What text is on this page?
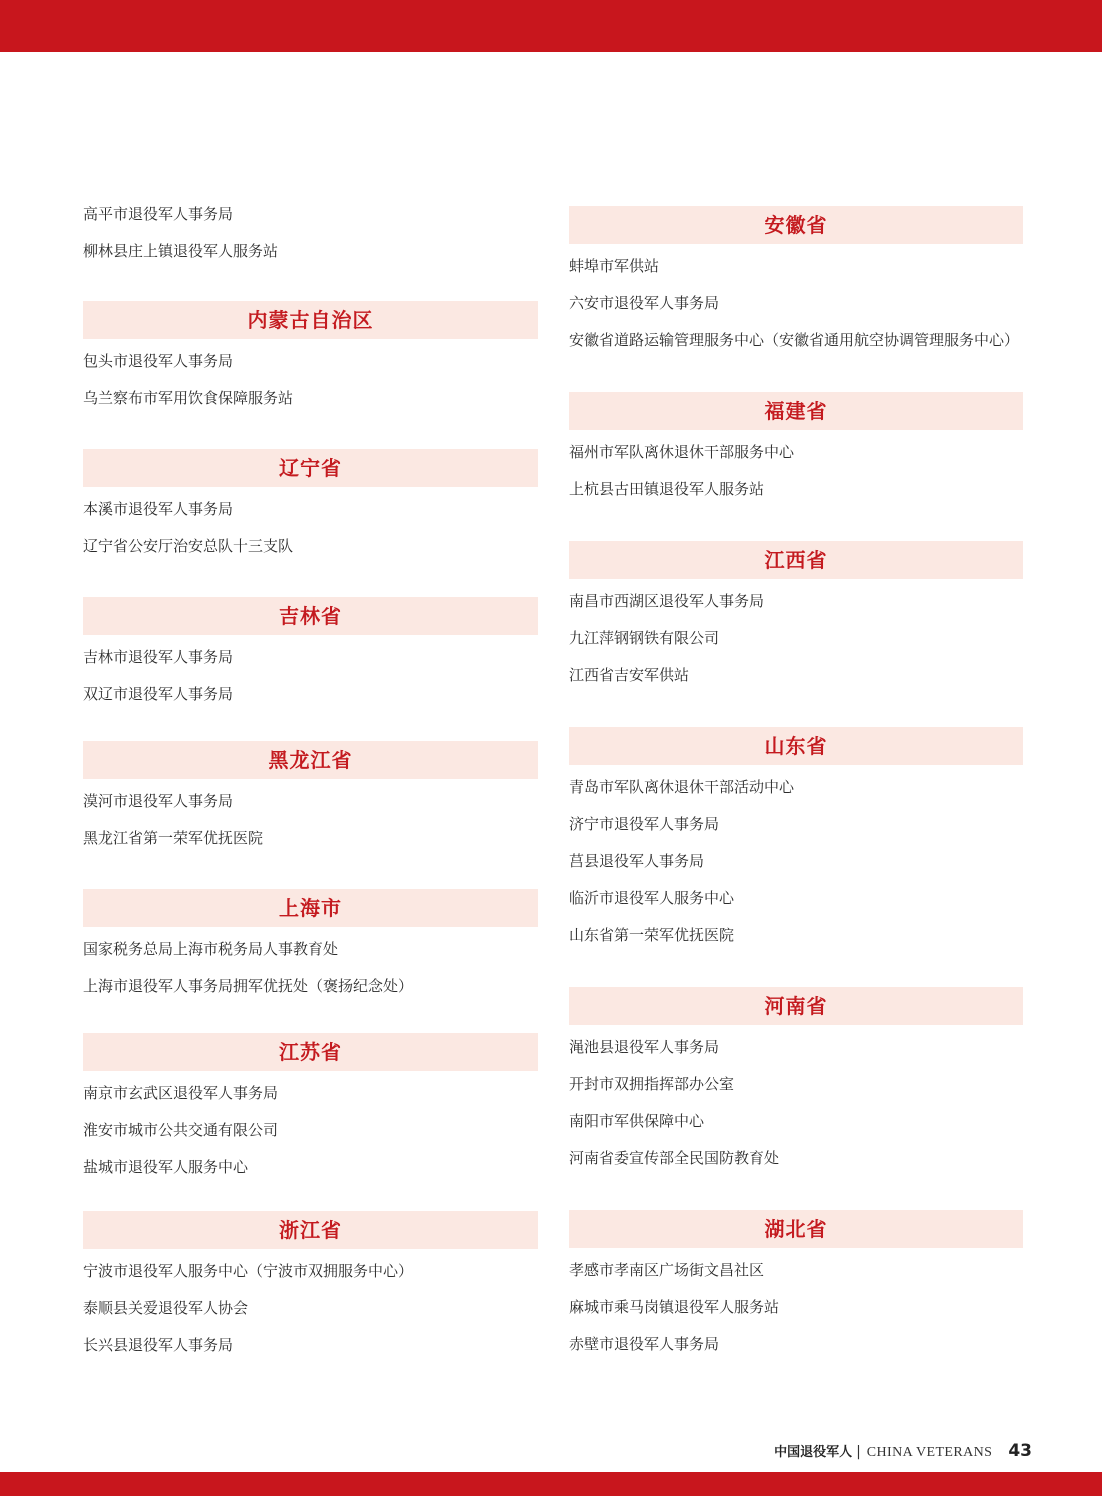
高平市退役军人事务局
柳林县庄上镇退役军人服务站
内蒙古自治区
包头市退役军人事务局
乌兰察布市军用饮食保障服务站
辽宁省
本溪市退役军人事务局
辽宁省公安厅治安总队十三支队
吉林省
吉林市退役军人事务局
双辽市退役军人事务局
黑龙江省
漠河市退役军人事务局
黑龙江省第一荣军优抚医院
上海市
国家税务总局上海市税务局人事教育处
上海市退役军人事务局拥军优抚处（褒扬纪念处）
江苏省
南京市玄武区退役军人事务局
淮安市城市公共交通有限公司
盐城市退役军人服务中心
浙江省
宁波市退役军人服务中心（宁波市双拥服务中心）
泰顺县关爱退役军人协会
长兴县退役军人事务局
安徽省
蚌埠市军供站
六安市退役军人事务局
安徽省道路运输管理服务中心（安徽省通用航空协调管理服务中心）
福建省
福州市军队离休退休干部服务中心
上杭县古田镇退役军人服务站
江西省
南昌市西湖区退役军人事务局
九江萍钢钢铁有限公司
江西省吉安军供站
山东省
青岛市军队离休退休干部活动中心
济宁市退役军人事务局
莒县退役军人事务局
临沂市退役军人服务中心
山东省第一荣军优抚医院
河南省
渑池县退役军人事务局
开封市双拥指挥部办公室
南阳市军供保障中心
河南省委宣传部全民国防教育处
湖北省
孝感市孝南区广场街文昌社区
麻城市乘马岗镇退役军人服务站
赤壁市退役军人事务局
中国退役军人 | CHINA VETERANS 43
